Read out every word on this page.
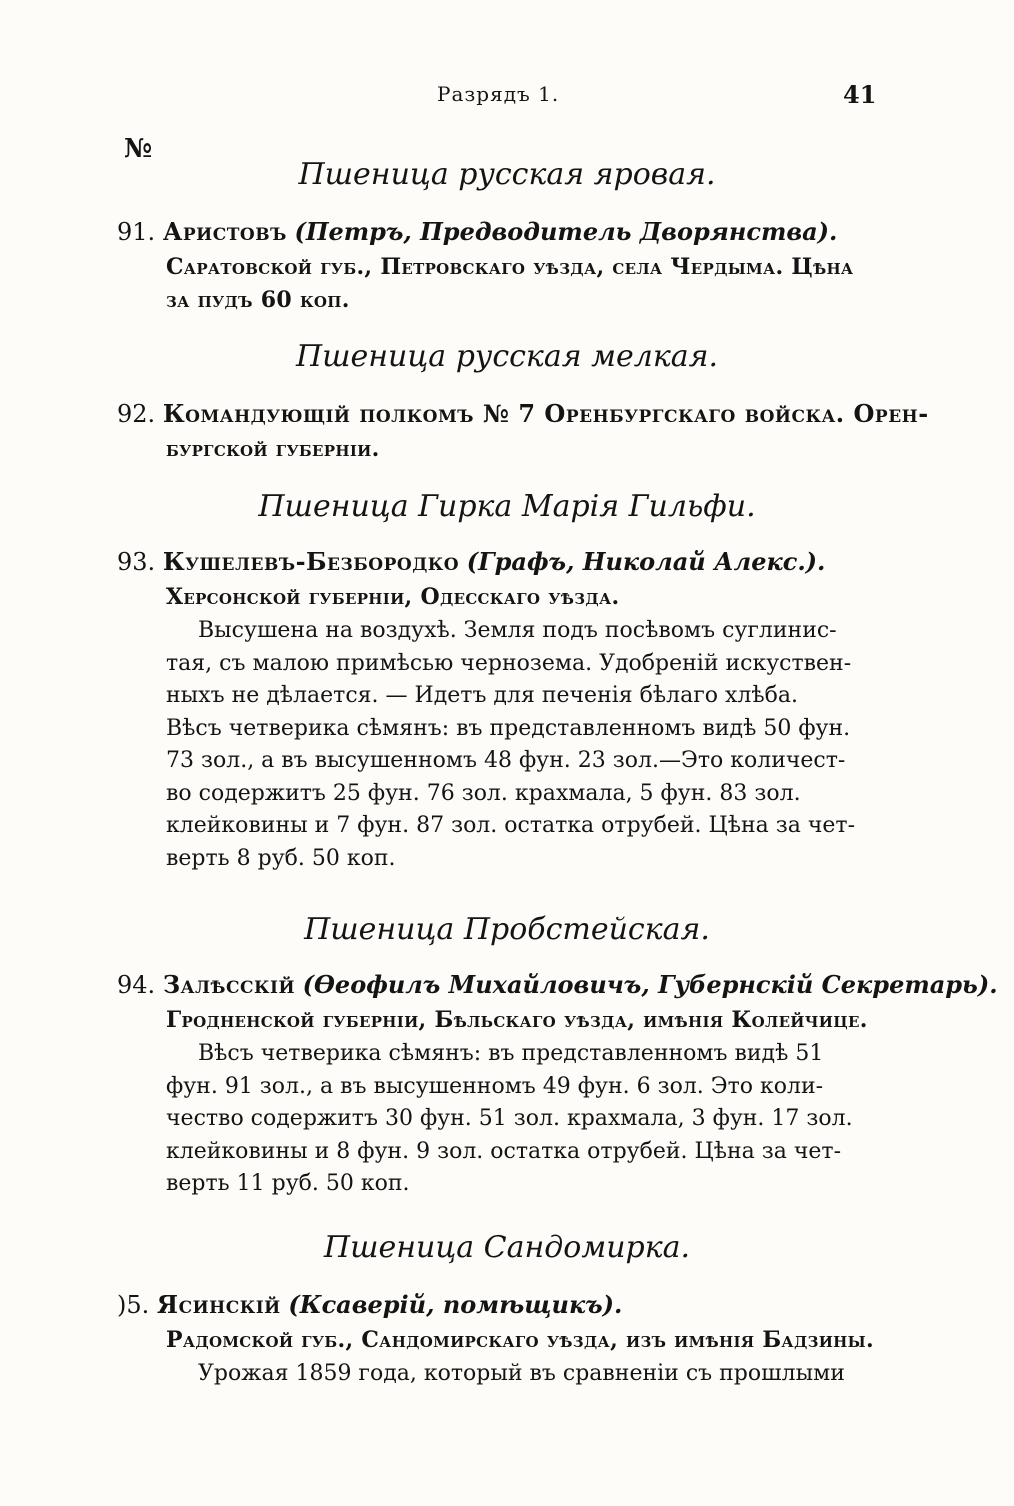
Разрядъ 1.	41
№
Пшеница русская яровая.
91. Аристовъ (Петръ, Предводитель Дворянства).
Саратовской губ., Петровскаго уѣзда, села Чердыма. Цѣна
за пудъ 60 коп.
Пшеница русская мелкая.
92. Командующій полкомъ № 7 Оренбургскаго войска. Орен-
бургской губерніи.
Пшеница Гирка Марія Гильфи.
93. Кушелевъ-Безбородко (Графъ, Николай Алекс.).
Херсонской губерніи, Одесскаго уѣзда.
Высушена на воздухѣ. Земля подъ посѣвомъ суглинис-
тая, съ малою примѣсью чернозема. Удобреній искуствен-
ныхъ не дѣлается. — Идетъ для печенія бѣлаго хлѣба.
Вѣсъ четверика сѣмянъ: въ представленномъ видѣ 50 фун.
73 зол., а въ высушенномъ 48 фун. 23 зол.—Это количест-
во содержитъ 25 фун. 76 зол. крахмала, 5 фун. 83 зол.
клейковины и 7 фун. 87 зол. остатка отрубей. Цѣна за чет-
верть 8 руб. 50 коп.
Пшеница Пробстейская.
94. Залѣсскій (Ѳеофилъ Михайловичъ, Губернскій Секретарь).
Гродненской губерніи, Бѣльскаго уѣзда, имѣнія Колейчице.
Вѣсъ четверика сѣмянъ: въ представленномъ видѣ 51
фун. 91 зол., а въ высушенномъ 49 фун. 6 зол. Это коли-
чество содержитъ 30 фун. 51 зол. крахмала, 3 фун. 17 зол.
клейковины и 8 фун. 9 зол. остатка отрубей. Цѣна за чет-
верть 11 руб. 50 коп.
Пшеница Сандомирка.
)5. Ясинскій (Ксаверій, помѣщикъ).
Радомской губ., Сандомирскаго уѣзда, изъ имѣнія Бадзины.
Урожая 1859 года, который въ сравненіи съ прошлыми
